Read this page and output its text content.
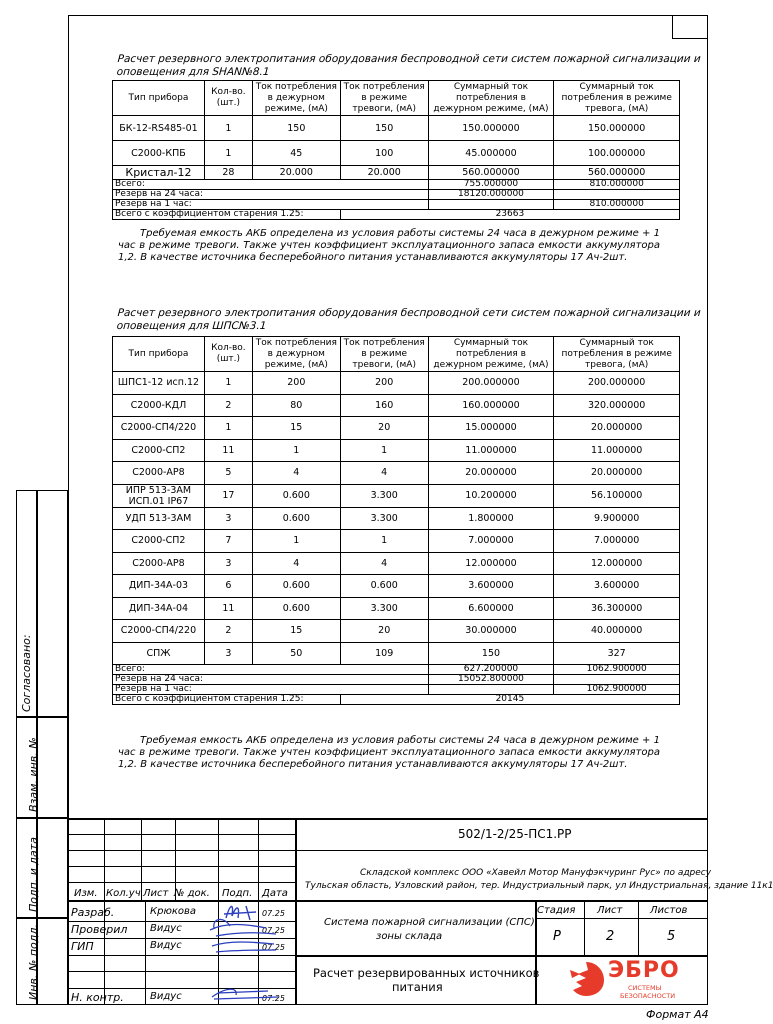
Расчет резервного электропитания оборудования беспроводной сети систем пожарной сигнализации и
оповещения для SHAN№8.1
Тип прибора	Кол-во. (шт.)	Ток потребления в дежурном режиме, (мА)	Ток потребления в режиме тревоги, (мА)	Суммарный ток потребления в дежурном режиме, (мА)	Суммарный ток потребления в режиме тревога, (мА)
БК-12-RS485-01	1	150	150	150.000000	150.000000
С2000-КПБ	1	45	100	45.000000	100.000000
Кристал-12	28	20.000	20.000	560.000000	560.000000
Всего:				755.000000	810.000000
Резерв на 24 часа:				18120.000000	
Резерв на 1 час:					810.000000
Всего с коэффициентом старения 1.25:			23663		
Требуемая емкость АКБ определена из условия работы системы 24 часа в дежурном режиме + 1 час в режиме тревоги. Также учтен коэффициент эксплуатационного запаса емкости аккумулятора 1,2. В качестве источника бесперебойного питания устанавливаются аккумуляторы 17 Ач-2шт.
Расчет резервного электропитания оборудования беспроводной сети систем пожарной сигнализации и
оповещения для ШПС№3.1
Тип прибора	Кол-во. (шт.)	Ток потребления в дежурном режиме, (мА)	Ток потребления в режиме тревоги, (мА)	Суммарный ток потребления в дежурном режиме, (мА)	Суммарный ток потребления в режиме тревога, (мА)
ШПС1-12 исп.12	1	200	200	200.000000	200.000000
С2000-КДЛ	2	80	160	160.000000	320.000000
С2000-СП4/220	1	15	20	15.000000	20.000000
С2000-СП2	11	1	1	11.000000	11.000000
С2000-АР8	5	4	4	20.000000	20.000000
ИПР 513-3АМ ИСП.01 IP67	17	0.600	3.300	10.200000	56.100000
УДП 513-3АМ	3	0.600	3.300	1.800000	9.900000
С2000-СП2	7	1	1	7.000000	7.000000
С2000-АР8	3	4	4	12.000000	12.000000
ДИП-34А-03	6	0.600	0.600	3.600000	3.600000
ДИП-34А-04	11	0.600	3.300	6.600000	36.300000
С2000-СП4/220	2	15	20	30.000000	40.000000
СПЖ	3	50	109	150	327
Всего:				627.200000	1062.900000
Резерв на 24 часа:				15052.800000	
Резерв на 1 час:					1062.900000
Всего с коэффициентом старения 1.25:			20145		
Требуемая емкость АКБ определена из условия работы системы 24 часа в дежурном режиме + 1 час в режиме тревоги. Также учтен коэффициент эксплуатационного запаса емкости аккумулятора 1,2. В качестве источника бесперебойного питания устанавливаются аккумуляторы 17 Ач-2шт.
Согласовано:
Взам. инв. №
Подп. и дата
Инв. № подл.
Изм. Кол.уч Лист № док. Подп. Дата
Разраб.	Крюкова	07.25
Проверил Видус	07.25
ГИП	Видус	07.25
Н. контр.	Видус	07.25
502/1-2/25-ПС1.РР
Складской комплекс ООО «Хавейл Мотор Мануфэкчуринг Рус» по адресу
Тульская область, Узловский район, тер. Индустриальный парк, ул Индустриальная, здание 11к1
Система пожарной сигнализации (СПС),
зоны склада
Стадия Лист	Листов
Р	2	5
Расчет резервированных источников
питания
ЭБРО
СИСТЕМЫ
БЕЗОПАСНОСТИ
Формат А4
